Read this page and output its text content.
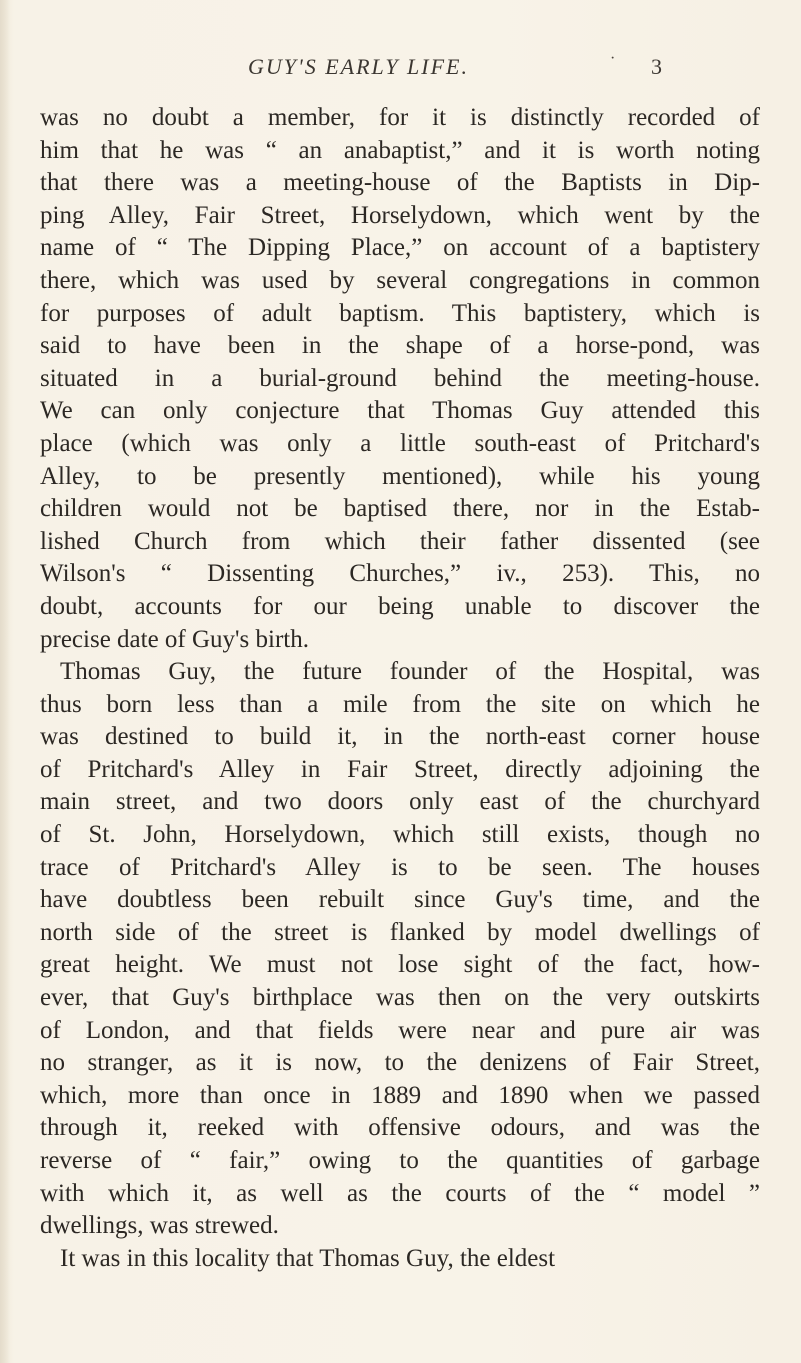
GUY'S EARLY LIFE.	· 3
was no doubt a member, for it is distinctly recorded of
him that he was “ an anabaptist,” and it is worth noting
that there was a meeting-house of the Baptists in Dip-
ping Alley, Fair Street, Horselydown, which went by the
name of “ The Dipping Place,” on account of a baptistery
there, which was used by several congregations in common
for purposes of adult baptism. This baptistery, which is
said to have been in the shape of a horse-pond, was
situated in a burial-ground behind the meeting-house.
We can only conjecture that Thomas Guy attended this
place (which was only a little south-east of Pritchard's
Alley, to be presently mentioned), while his young
children would not be baptised there, nor in the Estab-
lished Church from which their father dissented (see
Wilson's “ Dissenting Churches,” iv., 253). This, no
doubt, accounts for our being unable to discover the
precise date of Guy's birth.
Thomas Guy, the future founder of the Hospital, was
thus born less than a mile from the site on which he
was destined to build it, in the north-east corner house
of Pritchard's Alley in Fair Street, directly adjoining the
main street, and two doors only east of the churchyard
of St. John, Horselydown, which still exists, though no
trace of Pritchard's Alley is to be seen. The houses
have doubtless been rebuilt since Guy's time, and the
north side of the street is flanked by model dwellings of
great height. We must not lose sight of the fact, how-
ever, that Guy's birthplace was then on the very outskirts
of London, and that fields were near and pure air was
no stranger, as it is now, to the denizens of Fair Street,
which, more than once in 1889 and 1890 when we passed
through it, reeked with offensive odours, and was the
reverse of “ fair,” owing to the quantities of garbage
with which it, as well as the courts of the “ model ”
dwellings, was strewed.
It was in this locality that Thomas Guy, the eldest
